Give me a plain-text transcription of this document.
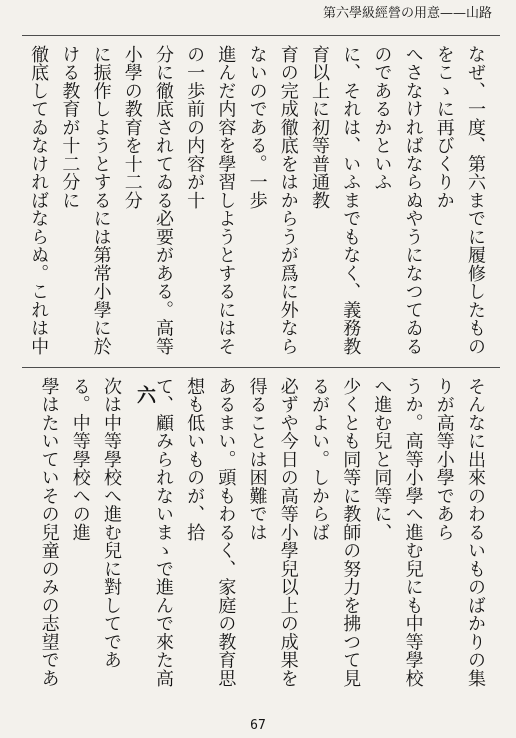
第六學級經營の用意——山路
なぜ、一度、第六までに履修したものをこゝに再びくりか
へさなければならぬやうになつてゐるのであるかといふ
に、それは、いふまでもなく、義務教育以上に初等普通教
育の完成徹底をはからうが爲に外ならないのである。一歩
進んだ内容を學習しようとするにはその一歩前の内容が十
分に徹底されてゐる必要がある。高等小學の教育を十二分
に振作しようとするには第常小學に於ける教育が十二分に
徹底してゐなければならぬ。これは中

そんなに出來のわるいものばかりの集りが高等小學であら
うか。高等小學へ進む兒にも中等學校へ進む兒と同等に、
少くとも同等に教師の努力を拂つて見るがよい。しからば
必ずや今日の高等小學兒以上の成果を得ることは困難では
あるまい。頭もわるく、家庭の教育思想も低いものが、拾
て、顧みられないまゝで進んで來た高

六
次は中等學校へ進む兒に對してである。中等學校への進
學はたいていその兒童のみの志望であ

67
